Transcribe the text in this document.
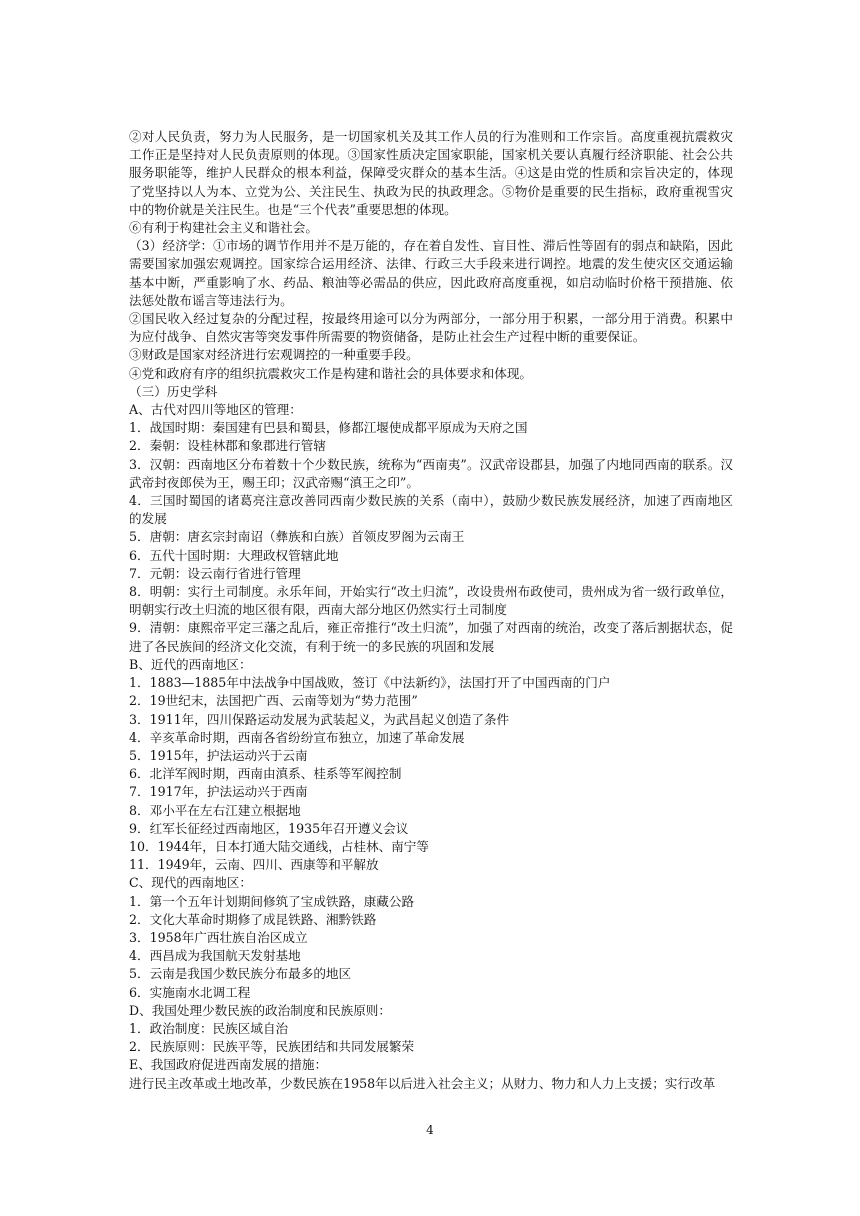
②对人民负责，努力为人民服务，是一切国家机关及其工作人员的行为准则和工作宗旨。高度重视抗震救灾工作正是坚持对人民负责原则的体现。③国家性质决定国家职能，国家机关要认真履行经济职能、社会公共服务职能等，维护人民群众的根本利益，保障受灾群众的基本生活。④这是由党的性质和宗旨决定的，体现了党坚持以人为本、立党为公、关注民生、执政为民的执政理念。⑤物价是重要的民生指标，政府重视雪灾中的物价就是关注民生。也是“三个代表”重要思想的体现。

⑥有利于构建社会主义和谐社会。

（3）经济学：①市场的调节作用并不是万能的，存在着自发性、盲目性、滞后性等固有的弱点和缺陷，因此需要国家加强宏观调控。国家综合运用经济、法律、行政三大手段来进行调控。地震的发生使灾区交通运输基本中断，严重影响了水、药品、粮油等必需品的供应，因此政府高度重视，如启动临时价格干预措施、依法惩处散布谣言等违法行为。

②国民收入经过复杂的分配过程，按最终用途可以分为两部分，一部分用于积累，一部分用于消费。积累中为应付战争、自然灾害等突发事件所需要的物资储备，是防止社会生产过程中断的重要保证。

③财政是国家对经济进行宏观调控的一种重要手段。

④党和政府有序的组织抗震救灾工作是构建和谐社会的具体要求和体现。

（三）历史学科

A、古代对四川等地区的管理：

1．战国时期：秦国建有巴县和蜀县，修都江堰使成都平原成为天府之国

2．秦朝：设桂林郡和象郡进行管辖

3．汉朝：西南地区分布着数十个少数民族，统称为“西南夷”。汉武帝设郡县，加强了内地同西南的联系。汉武帝封夜郎侯为王，赐王印；汉武帝赐“滇王之印”。

4．三国时蜀国的诸葛亮注意改善同西南少数民族的关系（南中），鼓励少数民族发展经济，加速了西南地区的发展

5．唐朝：唐玄宗封南诏（彝族和白族）首领皮罗阁为云南王

6．五代十国时期：大理政权管辖此地

7．元朝：设云南行省进行管理

8．明朝：实行土司制度。永乐年间，开始实行“改土归流”，改设贵州布政使司，贵州成为省一级行政单位，明朝实行改土归流的地区很有限，西南大部分地区仍然实行土司制度

9．清朝：康熙帝平定三藩之乱后，雍正帝推行“改土归流”，加强了对西南的统治，改变了落后割据状态，促进了各民族间的经济文化交流，有利于统一的多民族的巩固和发展

B、近代的西南地区：

1．1883—1885年中法战争中国战败，签订《中法新约》，法国打开了中国西南的门户

2．19世纪末，法国把广西、云南等划为“势力范围”

3．1911年，四川保路运动发展为武装起义，为武昌起义创造了条件

4．辛亥革命时期，西南各省纷纷宣布独立，加速了革命发展

5．1915年，护法运动兴于云南

6．北洋军阀时期，西南由滇系、桂系等军阀控制

7．1917年，护法运动兴于西南

8．邓小平在左右江建立根据地

9．红军长征经过西南地区，1935年召开遵义会议

10．1944年，日本打通大陆交通线，占桂林、南宁等

11．1949年，云南、四川、西康等和平解放

C、现代的西南地区：

1．第一个五年计划期间修筑了宝成铁路，康藏公路

2．文化大革命时期修了成昆铁路、湘黔铁路

3．1958年广西壮族自治区成立

4．西昌成为我国航天发射基地

5．云南是我国少数民族分布最多的地区

6．实施南水北调工程

D、我国处理少数民族的政治制度和民族原则：

1．政治制度：民族区域自治

2．民族原则：民族平等，民族团结和共同发展繁荣

E、我国政府促进西南发展的措施：

进行民主改革或土地改革，少数民族在1958年以后进入社会主义；从财力、物力和人力上支援；实行改革

4
